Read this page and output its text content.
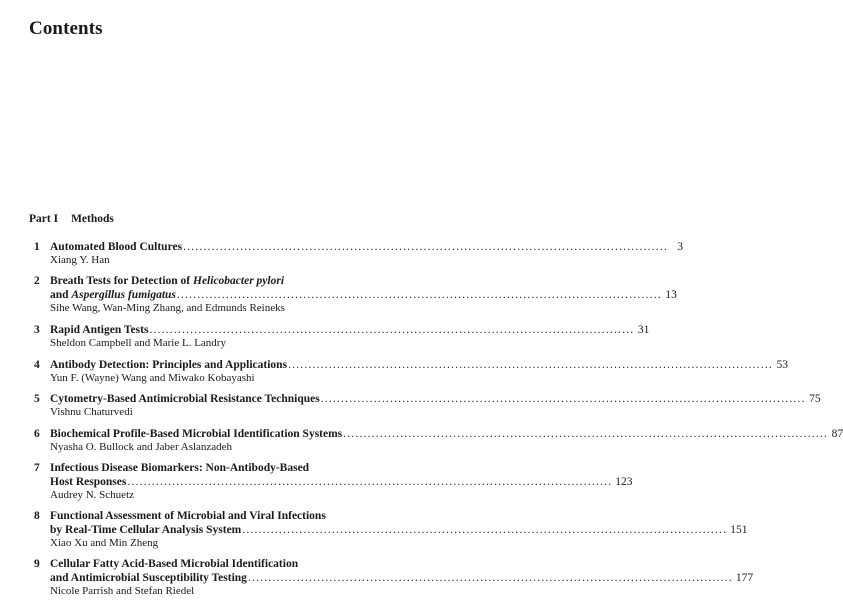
Contents
Part I Methods
1 Automated Blood Cultures ....................................................................................................................... 3
Xiang Y. Han
2 Breath Tests for Detection of Helicobacter pylori
and Aspergillus fumigatus ....................................................................................................................... 13
Sihe Wang, Wan-Ming Zhang, and Edmunds Reineks
3 Rapid Antigen Tests ....................................................................................................................... 31
Sheldon Campbell and Marie L. Landry
4 Antibody Detection: Principles and Applications ....................................................................................................................... 53
Yun F. (Wayne) Wang and Miwako Kobayashi
5 Cytometry-Based Antimicrobial Resistance Techniques ....................................................................................................................... 75
Vishnu Chaturvedi
6 Biochemical Profile-Based Microbial Identification Systems ....................................................................................................................... 87
Nyasha O. Bullock and Jaber Aslanzadeh
7 Infectious Disease Biomarkers: Non-Antibody-Based
Host Responses ....................................................................................................................... 123
Audrey N. Schuetz
8 Functional Assessment of Microbial and Viral Infections
by Real-Time Cellular Analysis System ....................................................................................................................... 151
Xiao Xu and Min Zheng
9 Cellular Fatty Acid-Based Microbial Identification
and Antimicrobial Susceptibility Testing ....................................................................................................................... 177
Nicole Parrish and Stefan Riedel
